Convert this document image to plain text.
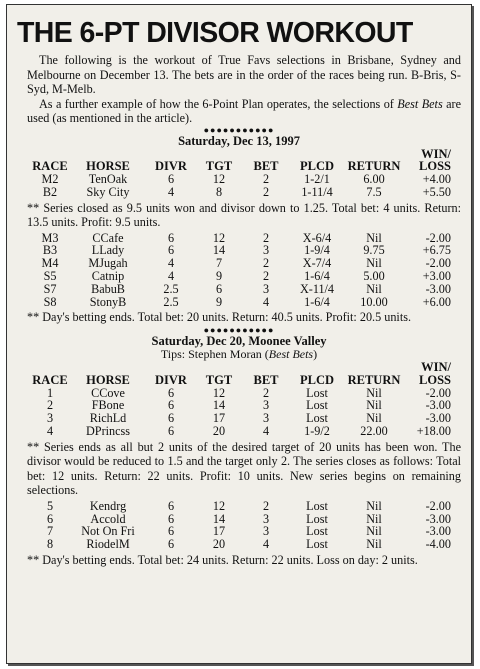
THE 6-PT DIVISOR WORKOUT

The following is the workout of True Favs selections in Brisbane, Sydney and Melbourne on December 13. The bets are in the order of the races being run. B-Bris, S-Syd, M-Melb.

As a further example of how the 6-Point Plan operates, the selections of Best Bets are used (as mentioned in the article).

●●●●●●●●●●●
Saturday, Dec 13, 1997
RACE	HORSE	DIVR	TGT	BET	PLCD	RETURN	WIN/
LOSS
M2	TenOak	6	12	2	1-2/1	6.00	+4.00
B2	Sky City	4	8	2	1-11/4	7.5	+5.50

** Series closed as 9.5 units won and divisor down to 1.25. Total bet: 4 units. Return: 13.5 units. Profit: 9.5 units.

M3	CCafe	6	12	2	X-6/4	Nil	-2.00
B3	LLady	6	14	3	1-9/4	9.75	+6.75
M4	MJugah	4	7	2	X-7/4	Nil	-2.00
S5	Catnip	4	9	2	1-6/4	5.00	+3.00
S7	BabuB	2.5	6	3	X-11/4	Nil	-3.00
S8	StonyB	2.5	9	4	1-6/4	10.00	+6.00

** Day's betting ends. Total bet: 20 units. Return: 40.5 units. Profit: 20.5 units.

●●●●●●●●●●●
Saturday, Dec 20, Moonee Valley
Tips: Stephen Moran (Best Bets)
RACE	HORSE	DIVR	TGT	BET	PLCD	RETURN	WIN/
LOSS
1	CCove	6	12	2	Lost	Nil	-2.00
2	FBone	6	14	3	Lost	Nil	-3.00
3	RichLd	6	17	3	Lost	Nil	-3.00
4	DPrincss	6	20	4	1-9/2	22.00	+18.00

** Series ends as all but 2 units of the desired target of 20 units has been won. The divisor would be reduced to 1.5 and the target only 2. The series closes as follows: Total bet: 12 units. Return: 22 units. Profit: 10 units. New series begins on remaining selections.

5	Kendrg	6	12	2	Lost	Nil	-2.00
6	Accold	6	14	3	Lost	Nil	-3.00
7	Not On Fri	6	17	3	Lost	Nil	-3.00
8	RiodelM	6	20	4	Lost	Nil	-4.00

** Day's betting ends. Total bet: 24 units. Return: 22 units. Loss on day: 2 units.
